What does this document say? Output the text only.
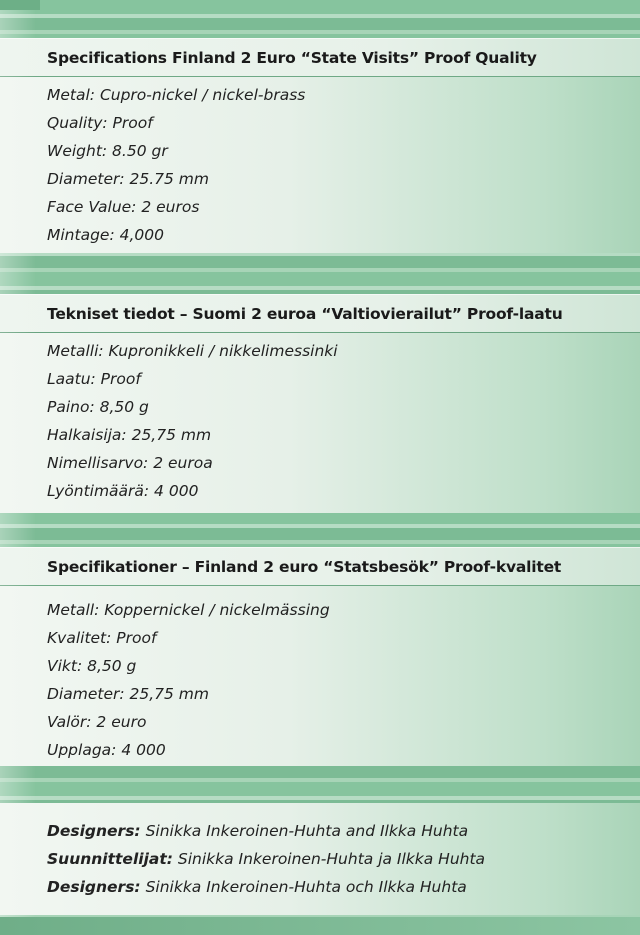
Specifications Finland 2 Euro “State Visits” Proof Quality
Metal: Cupro-nickel / nickel-brass
Quality: Proof
Weight: 8.50 gr
Diameter: 25.75 mm
Face Value: 2 euros
Mintage: 4,000
Tekniset tiedot – Suomi 2 euroa “Valtiovierailut” Proof-laatu
Metalli: Kupronikkeli / nikkelimessinki
Laatu: Proof
Paino: 8,50 g
Halkaisija: 25,75 mm
Nimellisarvo: 2 euroa
Lyöntimäärä: 4 000
Specifikationer – Finland 2 euro “Statsbesök” Proof-kvalitet
Metall: Koppernickel / nickelmässing
Kvalitet: Proof
Vikt: 8,50 g
Diameter: 25,75 mm
Valör: 2 euro
Upplaga: 4 000
Designers: Sinikka Inkeroinen-Huhta and Ilkka Huhta
Suunnittelijat: Sinikka Inkeroinen-Huhta ja Ilkka Huhta
Designers: Sinikka Inkeroinen-Huhta och Ilkka Huhta
